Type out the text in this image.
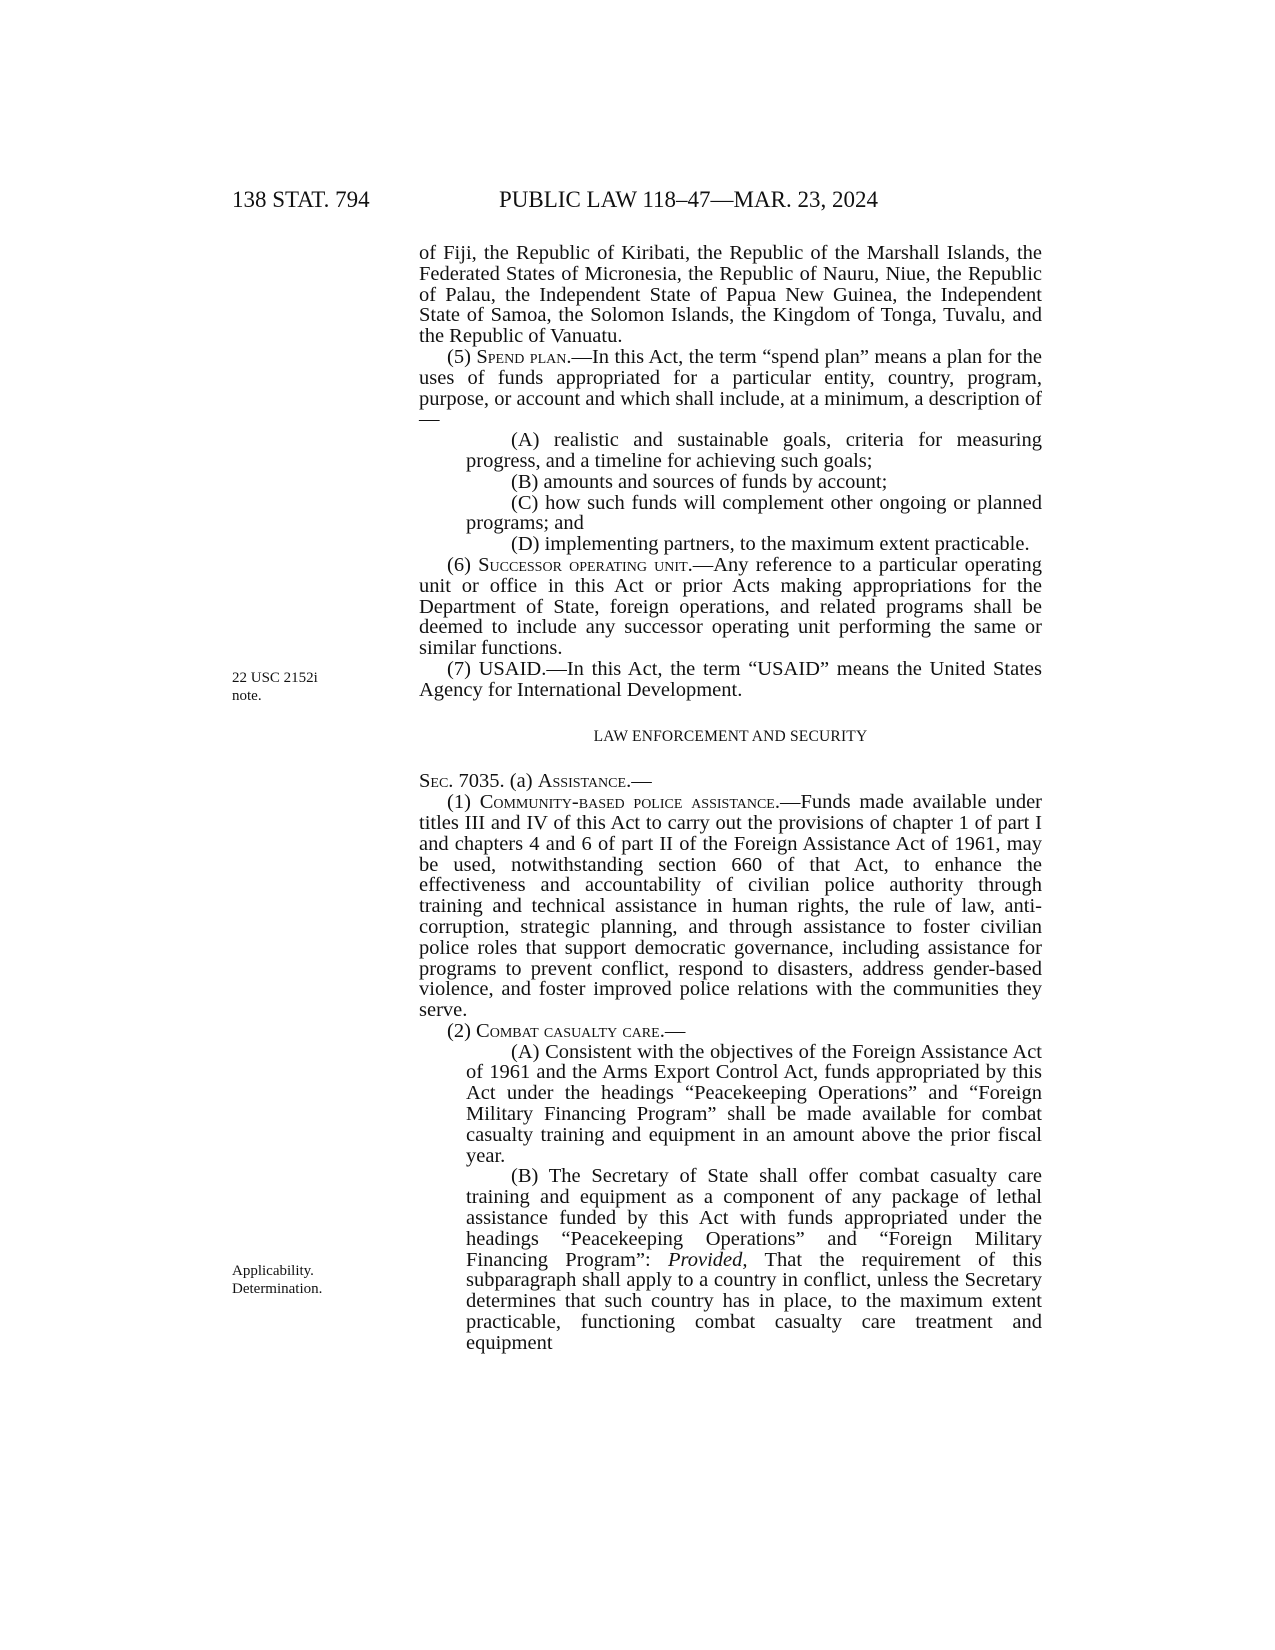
138 STAT. 794	PUBLIC LAW 118–47—MAR. 23, 2024
22 USC 2152i
note.
Applicability.
Determination.

of Fiji, the Republic of Kiribati, the Republic of the Marshall Islands, the Federated States of Micronesia, the Republic of Nauru, Niue, the Republic of Palau, the Independent State of Papua New Guinea, the Independent State of Samoa, the Solomon Islands, the Kingdom of Tonga, Tuvalu, and the Republic of Vanuatu.

(5) Spend plan.—In this Act, the term “spend plan” means a plan for the uses of funds appropriated for a particular entity, country, program, purpose, or account and which shall include, at a minimum, a description of—

(A) realistic and sustainable goals, criteria for measuring progress, and a timeline for achieving such goals;

(B) amounts and sources of funds by account;

(C) how such funds will complement other ongoing or planned programs; and

(D) implementing partners, to the maximum extent practicable.

(6) Successor operating unit.—Any reference to a particular operating unit or office in this Act or prior Acts making appropriations for the Department of State, foreign operations, and related programs shall be deemed to include any successor operating unit performing the same or similar functions.

(7) USAID.—In this Act, the term “USAID” means the United States Agency for International Development.

LAW ENFORCEMENT AND SECURITY

Sec. 7035. (a) Assistance.—

(1) Community-based police assistance.—Funds made available under titles III and IV of this Act to carry out the provisions of chapter 1 of part I and chapters 4 and 6 of part II of the Foreign Assistance Act of 1961, may be used, notwithstanding section 660 of that Act, to enhance the effectiveness and accountability of civilian police authority through training and technical assistance in human rights, the rule of law, anti-corruption, strategic planning, and through assistance to foster civilian police roles that support democratic governance, including assistance for programs to prevent conflict, respond to disasters, address gender-based violence, and foster improved police relations with the communities they serve.

(2) Combat casualty care.—

(A) Consistent with the objectives of the Foreign Assistance Act of 1961 and the Arms Export Control Act, funds appropriated by this Act under the headings “Peacekeeping Operations” and “Foreign Military Financing Program” shall be made available for combat casualty training and equipment in an amount above the prior fiscal year.

(B) The Secretary of State shall offer combat casualty care training and equipment as a component of any package of lethal assistance funded by this Act with funds appropriated under the headings “Peacekeeping Operations” and “Foreign Military Financing Program”: Provided, That the requirement of this subparagraph shall apply to a country in conflict, unless the Secretary determines that such country has in place, to the maximum extent practicable, functioning combat casualty care treatment and equipment
